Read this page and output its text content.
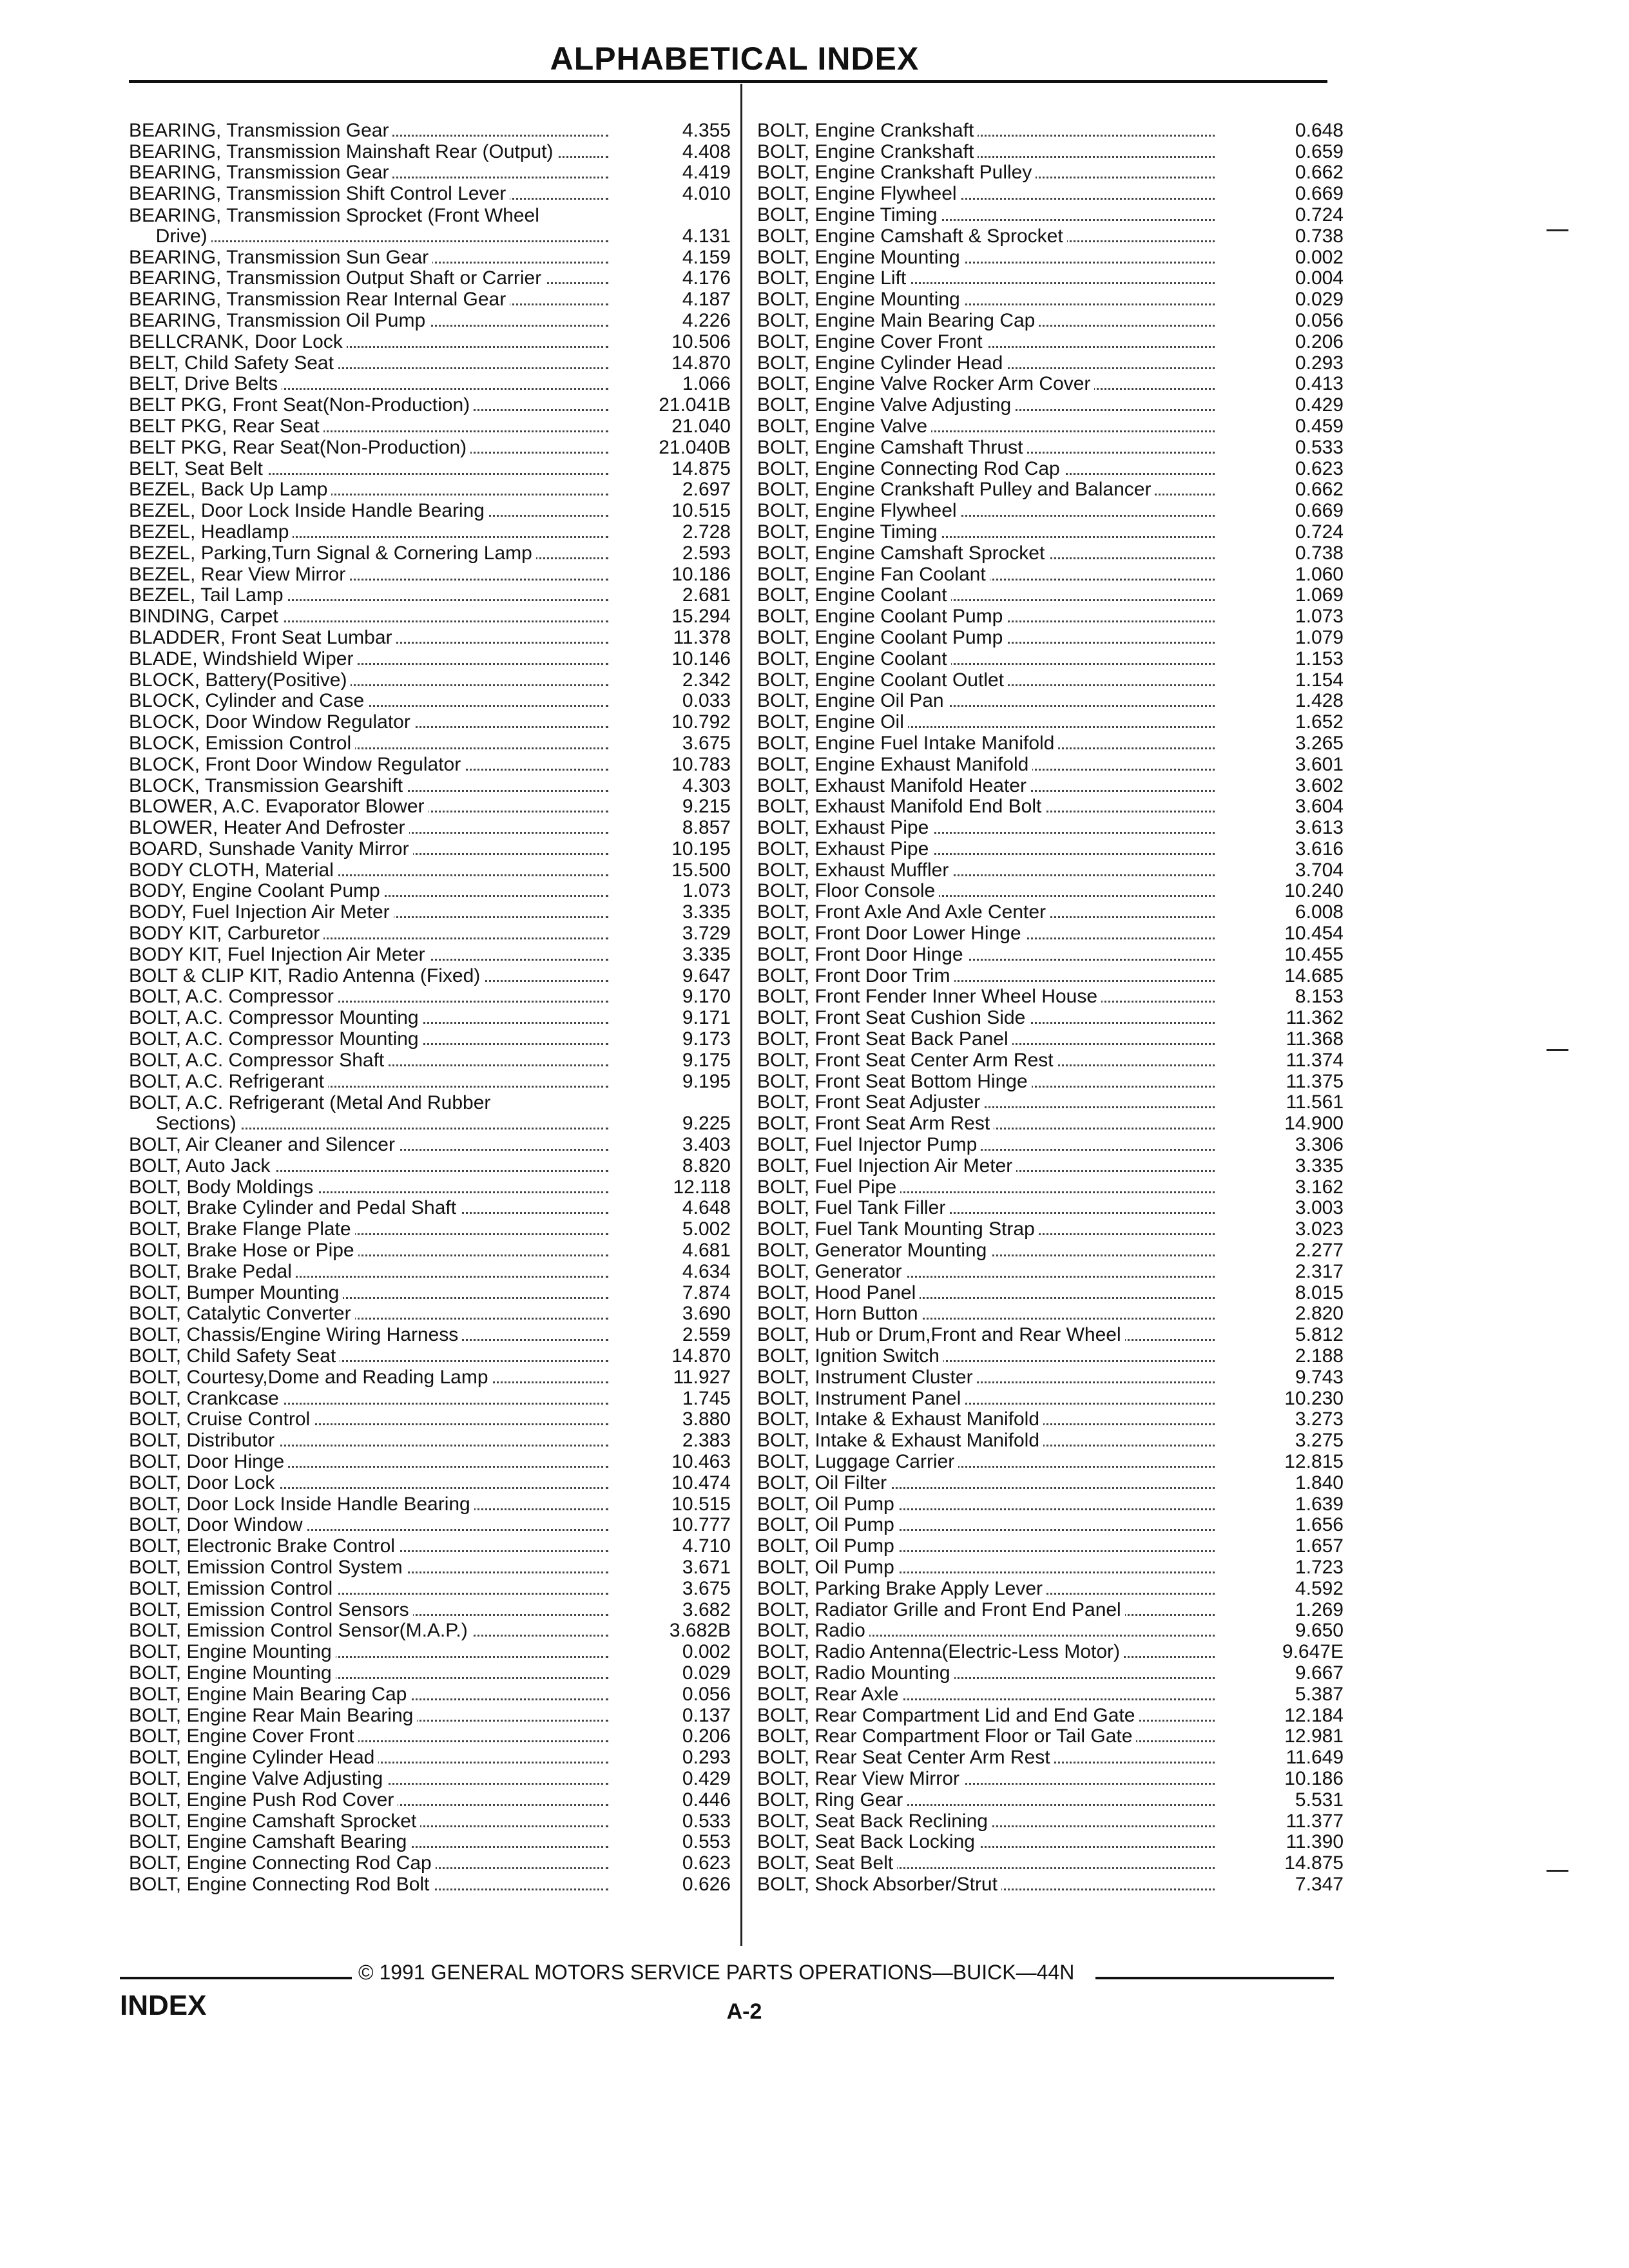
ALPHABETICAL INDEX
BEARING, Transmission Gear	4.355
BEARING, Transmission Mainshaft Rear (Output)	4.408
BEARING, Transmission Gear	4.419
BEARING, Transmission Shift Control Lever	4.010
BEARING, Transmission Sprocket (Front Wheel
Drive)	4.131
BEARING, Transmission Sun Gear	4.159
BEARING, Transmission Output Shaft or Carrier	4.176
BEARING, Transmission Rear Internal Gear	4.187
BEARING, Transmission Oil Pump	4.226
BELLCRANK, Door Lock	10.506
BELT, Child Safety Seat	14.870
BELT, Drive Belts	1.066
BELT PKG, Front Seat(Non-Production)	21.041B
BELT PKG, Rear Seat	21.040
BELT PKG, Rear Seat(Non-Production)	21.040B
BELT, Seat Belt	14.875
BEZEL, Back Up Lamp	2.697
BEZEL, Door Lock Inside Handle Bearing	10.515
BEZEL, Headlamp	2.728
BEZEL, Parking,Turn Signal & Cornering Lamp	2.593
BEZEL, Rear View Mirror	10.186
BEZEL, Tail Lamp	2.681
BINDING, Carpet	15.294
BLADDER, Front Seat Lumbar	11.378
BLADE, Windshield Wiper	10.146
BLOCK, Battery(Positive)	2.342
BLOCK, Cylinder and Case	0.033
BLOCK, Door Window Regulator	10.792
BLOCK, Emission Control	3.675
BLOCK, Front Door Window Regulator	10.783
BLOCK, Transmission Gearshift	4.303
BLOWER, A.C. Evaporator Blower	9.215
BLOWER, Heater And Defroster	8.857
BOARD, Sunshade Vanity Mirror	10.195
BODY CLOTH, Material	15.500
BODY, Engine Coolant Pump	1.073
BODY, Fuel Injection Air Meter	3.335
BODY KIT, Carburetor	3.729
BODY KIT, Fuel Injection Air Meter	3.335
BOLT & CLIP KIT, Radio Antenna (Fixed)	9.647
BOLT, A.C. Compressor	9.170
BOLT, A.C. Compressor Mounting	9.171
BOLT, A.C. Compressor Mounting	9.173
BOLT, A.C. Compressor Shaft	9.175
BOLT, A.C. Refrigerant	9.195
BOLT, A.C. Refrigerant (Metal And Rubber
Sections)	9.225
BOLT, Air Cleaner and Silencer	3.403
BOLT, Auto Jack	8.820
BOLT, Body Moldings	12.118
BOLT, Brake Cylinder and Pedal Shaft	4.648
BOLT, Brake Flange Plate	5.002
BOLT, Brake Hose or Pipe	4.681
BOLT, Brake Pedal	4.634
BOLT, Bumper Mounting	7.874
BOLT, Catalytic Converter	3.690
BOLT, Chassis/Engine Wiring Harness	2.559
BOLT, Child Safety Seat	14.870
BOLT, Courtesy,Dome and Reading Lamp	11.927
BOLT, Crankcase	1.745
BOLT, Cruise Control	3.880
BOLT, Distributor	2.383
BOLT, Door Hinge	10.463
BOLT, Door Lock	10.474
BOLT, Door Lock Inside Handle Bearing	10.515
BOLT, Door Window	10.777
BOLT, Electronic Brake Control	4.710
BOLT, Emission Control System	3.671
BOLT, Emission Control	3.675
BOLT, Emission Control Sensors	3.682
BOLT, Emission Control Sensor(M.A.P.)	3.682B
BOLT, Engine Mounting	0.002
BOLT, Engine Mounting	0.029
BOLT, Engine Main Bearing Cap	0.056
BOLT, Engine Rear Main Bearing	0.137
BOLT, Engine Cover Front	0.206
BOLT, Engine Cylinder Head	0.293
BOLT, Engine Valve Adjusting	0.429
BOLT, Engine Push Rod Cover	0.446
BOLT, Engine Camshaft Sprocket	0.533
BOLT, Engine Camshaft Bearing	0.553
BOLT, Engine Connecting Rod Cap	0.623
BOLT, Engine Connecting Rod Bolt	0.626
BOLT, Engine Crankshaft	0.648
BOLT, Engine Crankshaft	0.659
BOLT, Engine Crankshaft Pulley	0.662
BOLT, Engine Flywheel	0.669
BOLT, Engine Timing	0.724
BOLT, Engine Camshaft & Sprocket	0.738
BOLT, Engine Mounting	0.002
BOLT, Engine Lift	0.004
BOLT, Engine Mounting	0.029
BOLT, Engine Main Bearing Cap	0.056
BOLT, Engine Cover Front	0.206
BOLT, Engine Cylinder Head	0.293
BOLT, Engine Valve Rocker Arm Cover	0.413
BOLT, Engine Valve Adjusting	0.429
BOLT, Engine Valve	0.459
BOLT, Engine Camshaft Thrust	0.533
BOLT, Engine Connecting Rod Cap	0.623
BOLT, Engine Crankshaft Pulley and Balancer	0.662
BOLT, Engine Flywheel	0.669
BOLT, Engine Timing	0.724
BOLT, Engine Camshaft Sprocket	0.738
BOLT, Engine Fan Coolant	1.060
BOLT, Engine Coolant	1.069
BOLT, Engine Coolant Pump	1.073
BOLT, Engine Coolant Pump	1.079
BOLT, Engine Coolant	1.153
BOLT, Engine Coolant Outlet	1.154
BOLT, Engine Oil Pan	1.428
BOLT, Engine Oil	1.652
BOLT, Engine Fuel Intake Manifold	3.265
BOLT, Engine Exhaust Manifold	3.601
BOLT, Exhaust Manifold Heater	3.602
BOLT, Exhaust Manifold End Bolt	3.604
BOLT, Exhaust Pipe	3.613
BOLT, Exhaust Pipe	3.616
BOLT, Exhaust Muffler	3.704
BOLT, Floor Console	10.240
BOLT, Front Axle And Axle Center	6.008
BOLT, Front Door Lower Hinge	10.454
BOLT, Front Door Hinge	10.455
BOLT, Front Door Trim	14.685
BOLT, Front Fender Inner Wheel House	8.153
BOLT, Front Seat Cushion Side	11.362
BOLT, Front Seat Back Panel	11.368
BOLT, Front Seat Center Arm Rest	11.374
BOLT, Front Seat Bottom Hinge	11.375
BOLT, Front Seat Adjuster	11.561
BOLT, Front Seat Arm Rest	14.900
BOLT, Fuel Injector Pump	3.306
BOLT, Fuel Injection Air Meter	3.335
BOLT, Fuel Pipe	3.162
BOLT, Fuel Tank Filler	3.003
BOLT, Fuel Tank Mounting Strap	3.023
BOLT, Generator Mounting	2.277
BOLT, Generator	2.317
BOLT, Hood Panel	8.015
BOLT, Horn Button	2.820
BOLT, Hub or Drum,Front and Rear Wheel	5.812
BOLT, Ignition Switch	2.188
BOLT, Instrument Cluster	9.743
BOLT, Instrument Panel	10.230
BOLT, Intake & Exhaust Manifold	3.273
BOLT, Intake & Exhaust Manifold	3.275
BOLT, Luggage Carrier	12.815
BOLT, Oil Filter	1.840
BOLT, Oil Pump	1.639
BOLT, Oil Pump	1.656
BOLT, Oil Pump	1.657
BOLT, Oil Pump	1.723
BOLT, Parking Brake Apply Lever	4.592
BOLT, Radiator Grille and Front End Panel	1.269
BOLT, Radio	9.650
BOLT, Radio Antenna(Electric-Less Motor)	9.647E
BOLT, Radio Mounting	9.667
BOLT, Rear Axle	5.387
BOLT, Rear Compartment Lid and End Gate	12.184
BOLT, Rear Compartment Floor or Tail Gate	12.981
BOLT, Rear Seat Center Arm Rest	11.649
BOLT, Rear View Mirror	10.186
BOLT, Ring Gear	5.531
BOLT, Seat Back Reclining	11.377
BOLT, Seat Back Locking	11.390
BOLT, Seat Belt	14.875
BOLT, Shock Absorber/Strut	7.347
© 1991 GENERAL MOTORS SERVICE PARTS OPERATIONS—BUICK—44N
INDEX	A-2
